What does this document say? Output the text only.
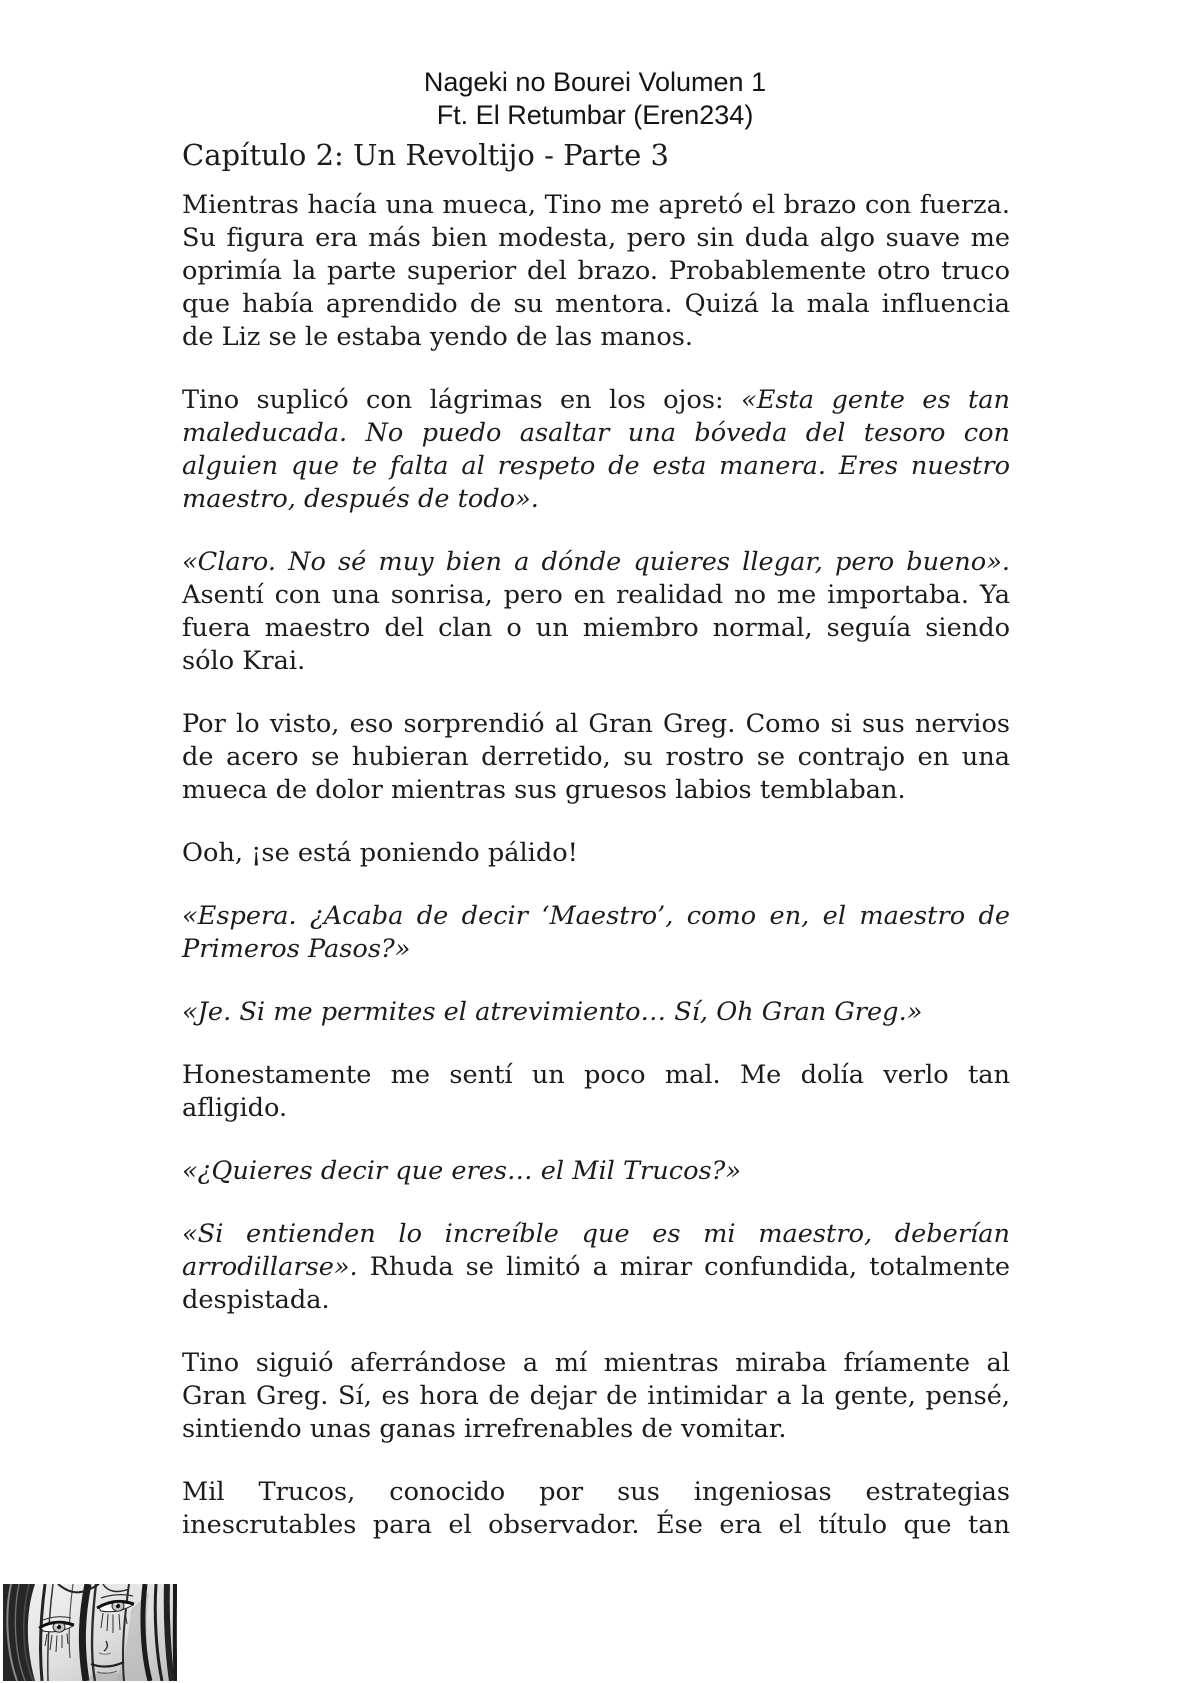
Nageki no Bourei Volumen 1
Ft. El Retumbar (Eren234)
Capítulo 2: Un Revoltijo - Parte 3

Mientras hacía una mueca, Tino me apretó el brazo con fuerza. Su figura era más bien modesta, pero sin duda algo suave me oprimía la parte superior del brazo. Probablemente otro truco que había aprendido de su mentora. Quizá la mala influencia de Liz se le estaba yendo de las manos.

Tino suplicó con lágrimas en los ojos: «Esta gente es tan maleducada. No puedo asaltar una bóveda del tesoro con alguien que te falta al respeto de esta manera. Eres nuestro maestro, después de todo».

«Claro. No sé muy bien a dónde quieres llegar, pero bueno». Asentí con una sonrisa, pero en realidad no me importaba. Ya fuera maestro del clan o un miembro normal, seguía siendo sólo Krai.

Por lo visto, eso sorprendió al Gran Greg. Como si sus nervios de acero se hubieran derretido, su rostro se contrajo en una mueca de dolor mientras sus gruesos labios temblaban.

Ooh, ¡se está poniendo pálido!

«Espera. ¿Acaba de decir ‘Maestro’, como en, el maestro de Primeros Pasos?»

«Je. Si me permites el atrevimiento… Sí, Oh Gran Greg.»

Honestamente me sentí un poco mal. Me dolía verlo tan afligido.

«¿Quieres decir que eres… el Mil Trucos?»

«Si entienden lo increíble que es mi maestro, deberían arrodillarse». Rhuda se limitó a mirar confundida, totalmente despistada.

Tino siguió aferrándose a mí mientras miraba fríamente al Gran Greg. Sí, es hora de dejar de intimidar a la gente, pensé, sintiendo unas ganas irrefrenables de vomitar.

Mil Trucos, conocido por sus ingeniosas estrategias inescrutables para el observador. Ése era el título que tan
